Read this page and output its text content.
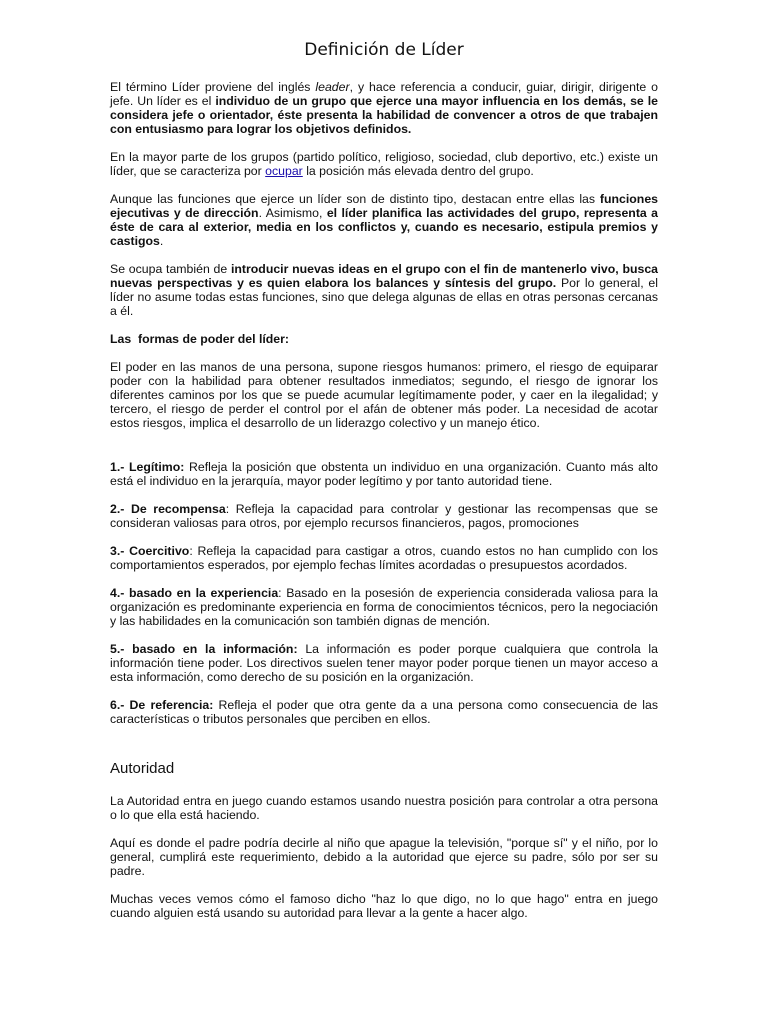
Definición de Líder

El término Líder proviene del inglés leader, y hace referencia a conducir, guiar, dirigir, dirigente o jefe. Un líder es el individuo de un grupo que ejerce una mayor influencia en los demás, se le considera jefe o orientador, éste presenta la habilidad de convencer a otros de que trabajen con entusiasmo para lograr los objetivos definidos.

En la mayor parte de los grupos (partido político, religioso, sociedad, club deportivo, etc.) existe un líder, que se caracteriza por ocupar la posición más elevada dentro del grupo.

Aunque las funciones que ejerce un líder son de distinto tipo, destacan entre ellas las funciones ejecutivas y de dirección. Asimismo, el líder planifica las actividades del grupo, representa a éste de cara al exterior, media en los conflictos y, cuando es necesario, estipula premios y castigos.

Se ocupa también de introducir nuevas ideas en el grupo con el fin de mantenerlo vivo, busca nuevas perspectivas y es quien elabora los balances y síntesis del grupo. Por lo general, el líder no asume todas estas funciones, sino que delega algunas de ellas en otras personas cercanas a él.

Las  formas de poder del líder:

El poder en las manos de una persona, supone riesgos humanos: primero, el riesgo de equiparar poder con la habilidad para obtener resultados inmediatos; segundo, el riesgo de ignorar los diferentes caminos por los que se puede acumular legítimamente poder, y caer en la ilegalidad; y tercero, el riesgo de perder el control por el afán de obtener más poder. La necesidad de acotar estos riesgos, implica el desarrollo de un liderazgo colectivo y un manejo ético.

1.- Legítimo: Refleja la posición que obstenta un individuo en una organización. Cuanto más alto está el individuo en la jerarquía, mayor poder legítimo y por tanto autoridad tiene.

2.- De recompensa: Refleja la capacidad para controlar y gestionar las recompensas que se consideran valiosas para otros, por ejemplo recursos financieros, pagos, promociones

3.- Coercitivo: Refleja la capacidad para castigar a otros, cuando estos no han cumplido con los comportamientos esperados, por ejemplo fechas límites acordadas o presupuestos acordados.

4.- basado en la experiencia: Basado en la posesión de experiencia considerada valiosa para la organización es predominante experiencia en forma de conocimientos técnicos, pero la negociación y las habilidades en la comunicación son también dignas de mención.

5.- basado en la información: La información es poder porque cualquiera que controla la información tiene poder. Los directivos suelen tener mayor poder porque tienen un mayor acceso a esta información, como derecho de su posición en la organización.

6.- De referencia: Refleja el poder que otra gente da a una persona como consecuencia de las características o tributos personales que perciben en ellos.

Autoridad

La Autoridad entra en juego cuando estamos usando nuestra posición para controlar a otra persona o lo que ella está haciendo.

Aquí es donde el padre podría decirle al niño que apague la televisión, "porque sí" y el niño, por lo general, cumplirá este requerimiento, debido a la autoridad que ejerce su padre, sólo por ser su padre.

Muchas veces vemos cómo el famoso dicho "haz lo que digo, no lo que hago" entra en juego cuando alguien está usando su autoridad para llevar a la gente a hacer algo.
